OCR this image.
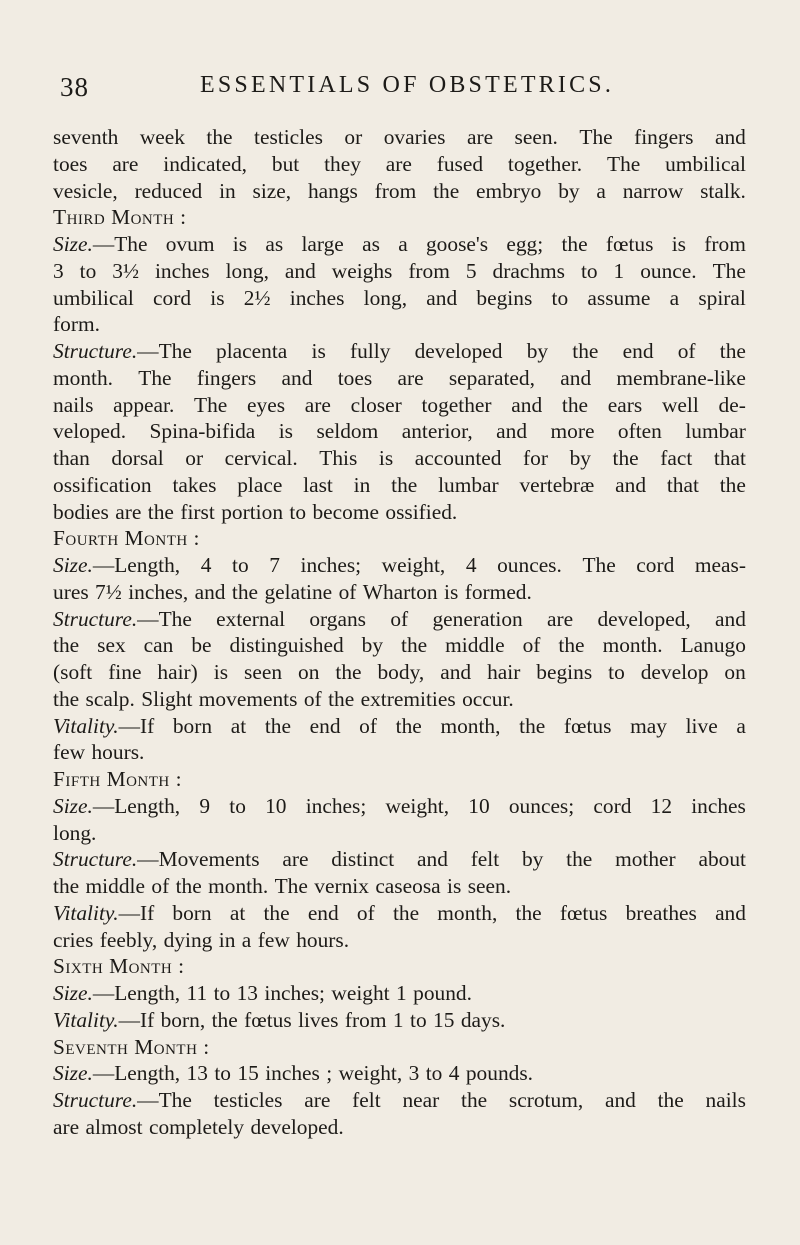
38	ESSENTIALS OF OBSTETRICS.
seventh week the testicles or ovaries are seen. The fingers and
toes are indicated, but they are fused together. The umbilical
vesicle, reduced in size, hangs from the embryo by a narrow stalk.
Third Month :
Size.—The ovum is as large as a goose's egg; the fœtus is from
3 to 3½ inches long, and weighs from 5 drachms to 1 ounce. The
umbilical cord is 2½ inches long, and begins to assume a spiral
form.
Structure.—The placenta is fully developed by the end of the
month. The fingers and toes are separated, and membrane-like
nails appear. The eyes are closer together and the ears well de-
veloped. Spina-bifida is seldom anterior, and more often lumbar
than dorsal or cervical. This is accounted for by the fact that
ossification takes place last in the lumbar vertebræ and that the
bodies are the first portion to become ossified.
Fourth Month :
Size.—Length, 4 to 7 inches; weight, 4 ounces. The cord meas-
ures 7½ inches, and the gelatine of Wharton is formed.
Structure.—The external organs of generation are developed, and
the sex can be distinguished by the middle of the month. Lanugo
(soft fine hair) is seen on the body, and hair begins to develop on
the scalp. Slight movements of the extremities occur.
Vitality.—If born at the end of the month, the fœtus may live a
few hours.
Fifth Month :
Size.—Length, 9 to 10 inches; weight, 10 ounces; cord 12 inches
long.
Structure.—Movements are distinct and felt by the mother about
the middle of the month. The vernix caseosa is seen.
Vitality.—If born at the end of the month, the fœtus breathes and
cries feebly, dying in a few hours.
Sixth Month :
Size.—Length, 11 to 13 inches; weight 1 pound.
Vitality.—If born, the fœtus lives from 1 to 15 days.
Seventh Month :
Size.—Length, 13 to 15 inches ; weight, 3 to 4 pounds.
Structure.—The testicles are felt near the scrotum, and the nails
are almost completely developed.
